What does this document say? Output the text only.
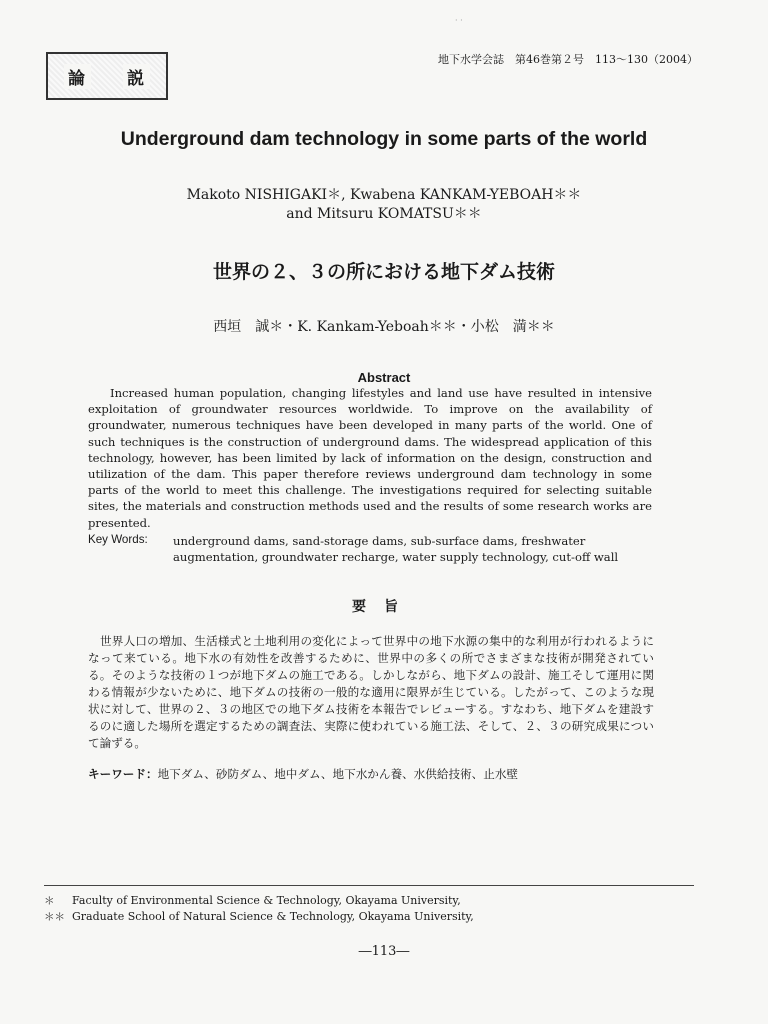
· ·
論 説
地下水学会誌　第46巻第２号　113～130（2004）
Underground dam technology in some parts of the world
Makoto NISHIGAKI＊, Kwabena KANKAM-YEBOAH＊＊
and Mitsuru KOMATSU＊＊
世界の２、３の所における地下ダム技術
西垣　誠＊・K. Kankam-Yeboah＊＊・小松　満＊＊
Abstract
Increased human population, changing lifestyles and land use have resulted in intensive exploitation of groundwater resources worldwide. To improve on the availability of groundwater, numerous techniques have been developed in many parts of the world. One of such techniques is the construction of underground dams. The widespread application of this technology, however, has been limited by lack of information on the design, construction and utilization of the dam. This paper therefore reviews underground dam technology in some parts of the world to meet this challenge. The investigations required for selecting suitable sites, the materials and construction methods used and the results of some research works are presented.
Key Words: underground dams, sand-storage dams, sub-surface dams, freshwater augmentation, groundwater recharge, water supply technology, cut-off wall
要旨
世界人口の増加、生活様式と土地利用の変化によって世界中の地下水源の集中的な利用が行われるようになって来ている。地下水の有効性を改善するために、世界中の多くの所でさまざまな技術が開発されている。そのような技術の１つが地下ダムの施工である。しかしながら、地下ダムの設計、施工そして運用に関わる情報が少ないために、地下ダムの技術の一般的な適用に限界が生じている。したがって、このような現状に対して、世界の２、３の地区での地下ダム技術を本報告でレビューする。すなわち、地下ダムを建設するのに適した場所を選定するための調査法、実際に使われている施工法、そして、２、３の研究成果について論ずる。
キーワード：地下ダム、砂防ダム、地中ダム、地下水かん養、水供給技術、止水壁
＊ Faculty of Environmental Science & Technology, Okayama University,
＊＊ Graduate School of Natural Science & Technology, Okayama University,
―113―
